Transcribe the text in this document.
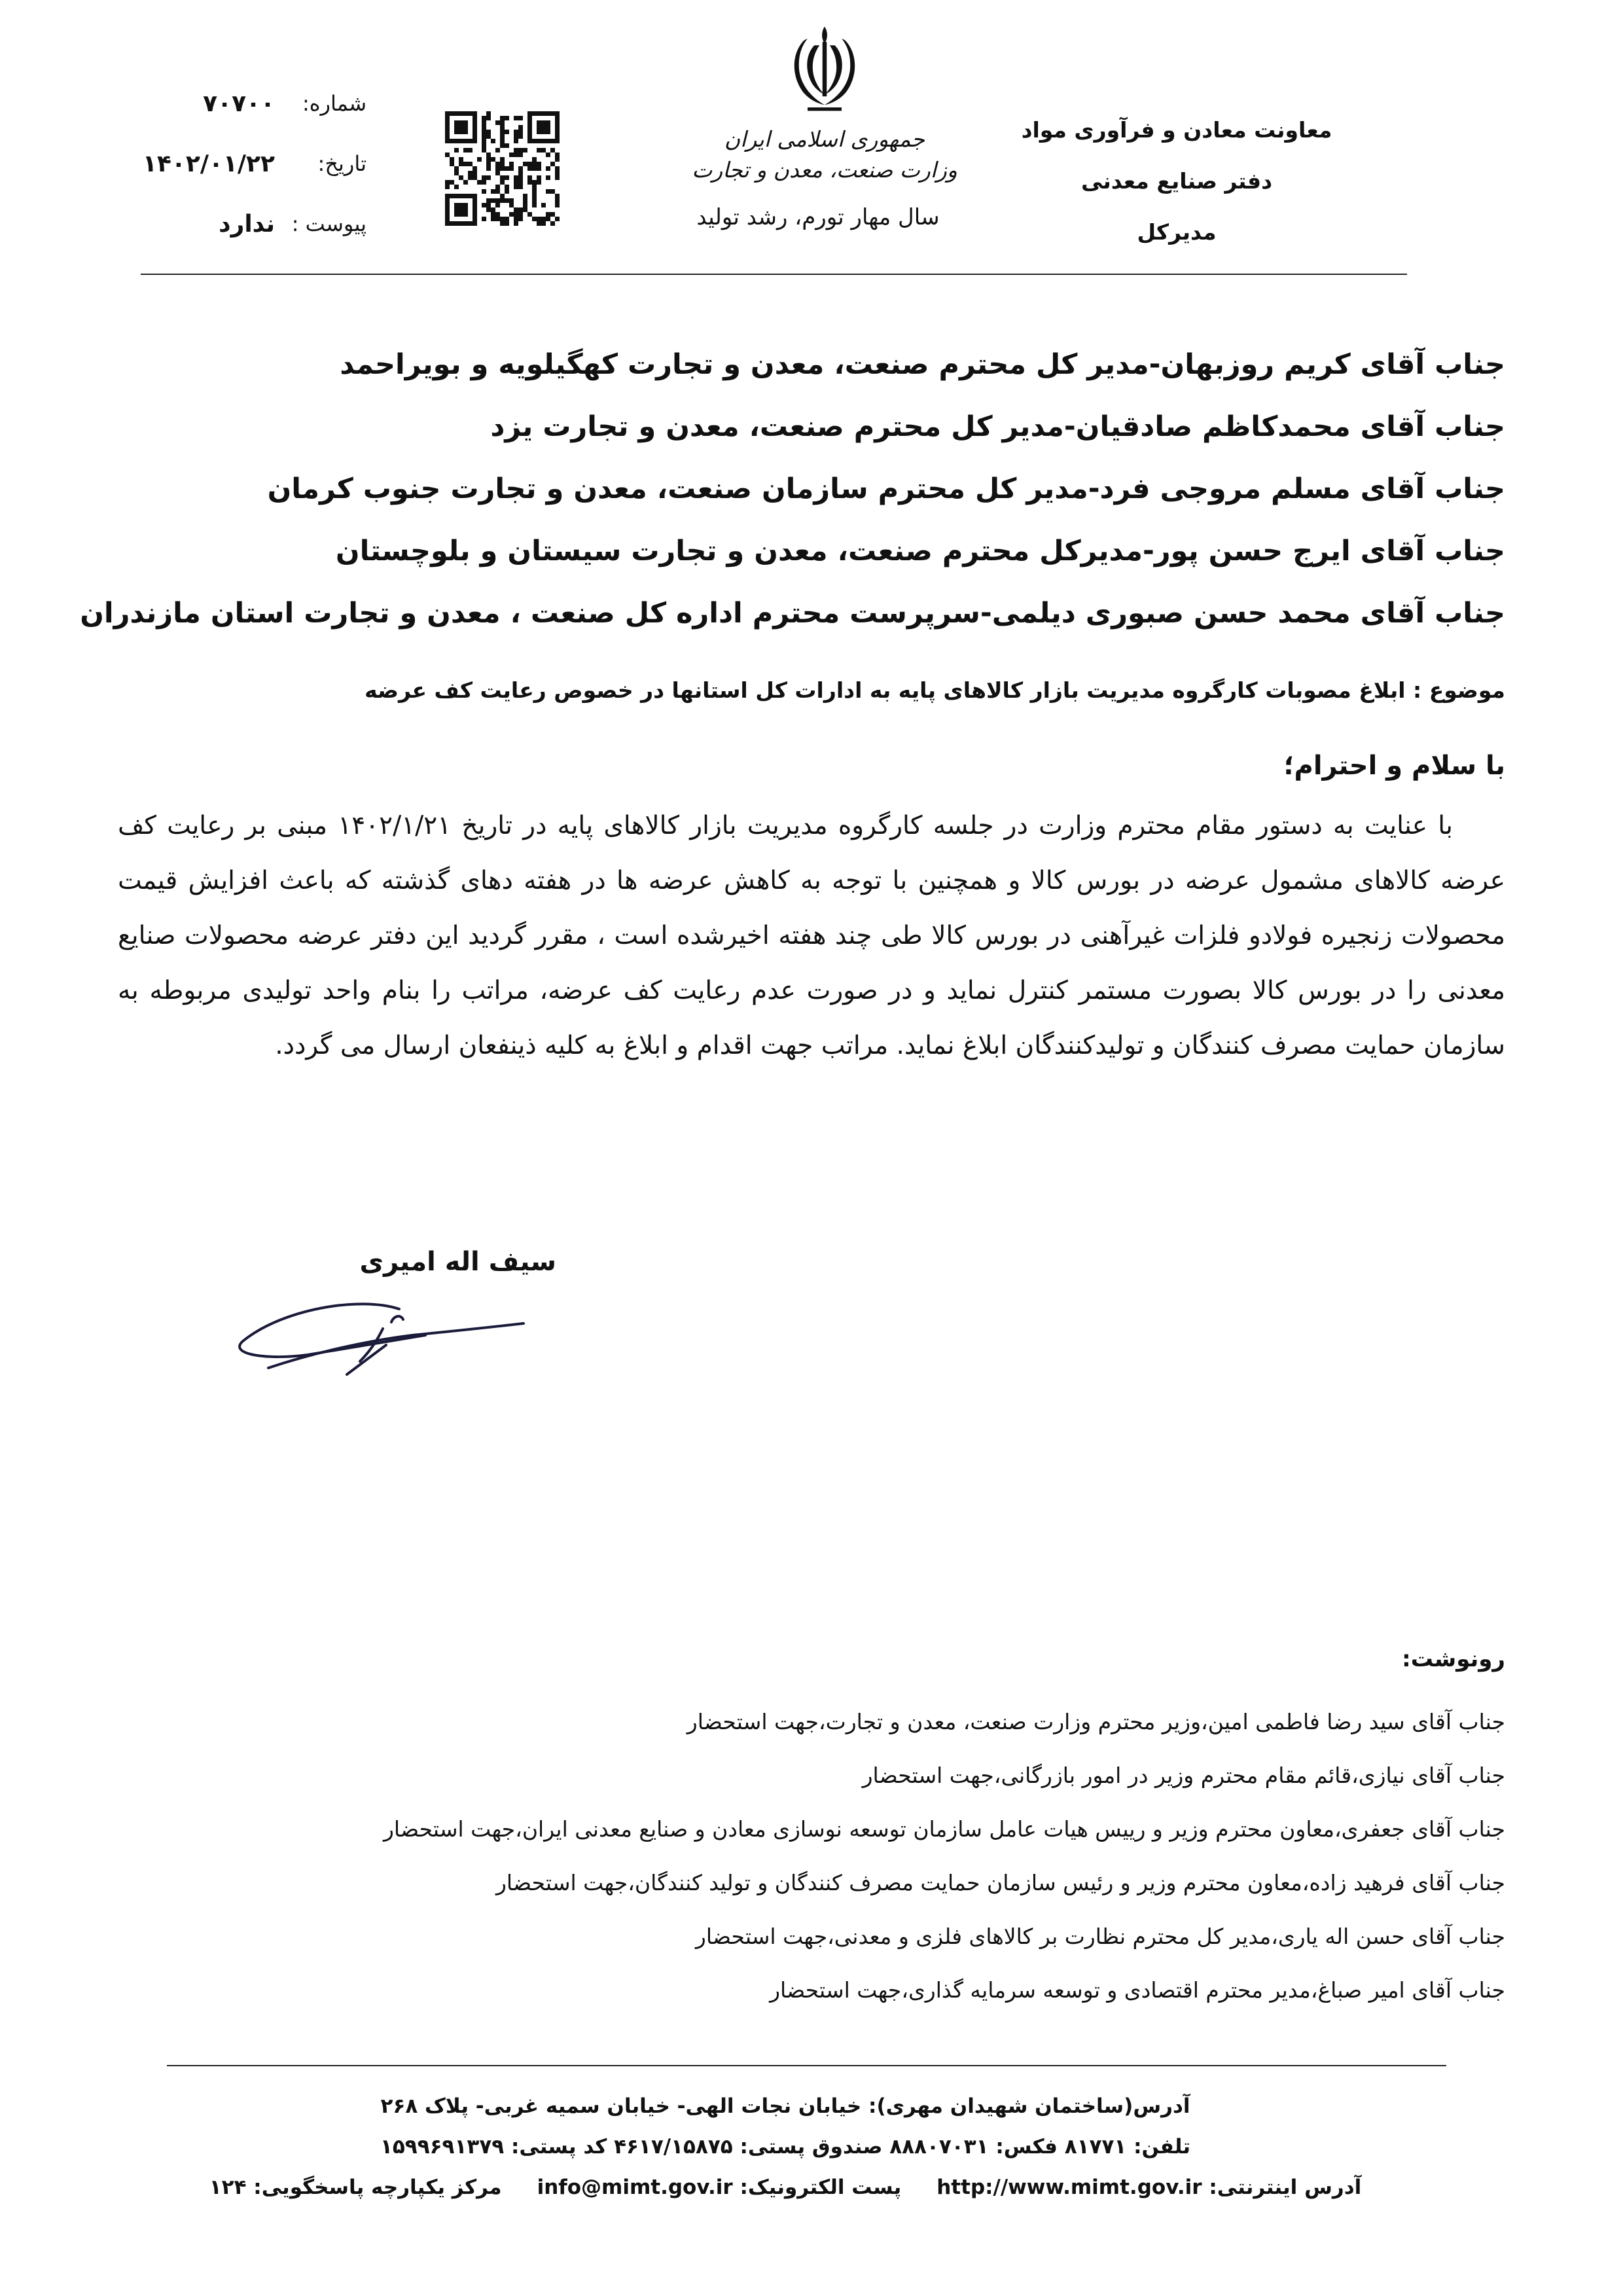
معاونت معادن و فرآوری مواد
دفتر صنایع معدنی
مدیرکل
جمهوری اسلامی ایران
وزارت صنعت، معدن و تجارت
سال مهار تورم، رشد تولید
شماره:
۷۰۷۰۰
تاریخ:
۱۴۰۲/۰۱/۲۲
پیوست :
ندارد
جناب آقای کریم روزبهان-مدیر کل محترم صنعت، معدن و تجارت کهگیلویه و بویراحمد
جناب آقای محمدکاظم صادقیان-مدیر کل محترم صنعت، معدن و تجارت یزد
جناب آقای مسلم مروجی فرد-مدیر کل محترم سازمان صنعت، معدن و تجارت جنوب کرمان
جناب آقای ایرج حسن پور-مدیرکل محترم صنعت، معدن و تجارت سیستان و بلوچستان
جناب آقای محمد حسن صبوری دیلمی-سرپرست محترم اداره کل صنعت ، معدن و تجارت استان مازندران
موضوع : ابلاغ مصوبات کارگروه مدیریت بازار کالاهای پایه به ادارات کل استانها در خصوص رعایت کف عرضه
با سلام و احترام؛
با عنایت به دستور مقام محترم وزارت در جلسه کارگروه مدیریت بازار کالاهای پایه در تاریخ ۱۴۰۲/۱/۲۱ مبنی بر رعایت کف عرضه کالاهای مشمول عرضه در بورس کالا و همچنین با توجه به کاهش عرضه ها در هفته دهای گذشته که باعث افزایش قیمت محصولات زنجیره فولادو فلزات غیرآهنی در بورس کالا طی چند هفته اخیرشده است ، مقرر گردید این دفتر عرضه محصولات صنایع معدنی را در بورس کالا بصورت مستمر کنترل نماید و در صورت عدم رعایت کف عرضه، مراتب را بنام واحد تولیدی مربوطه به سازمان حمایت مصرف کنندگان و تولیدکنندگان ابلاغ نماید. مراتب جهت اقدام و ابلاغ به کلیه ذینفعان ارسال می گردد.
سیف اله امیری
رونوشت:
جناب آقای سید رضا فاطمی امین،وزیر محترم وزارت صنعت، معدن و تجارت،جهت استحضار
جناب آقای نیازی،قائم مقام محترم وزیر در امور بازرگانی،جهت استحضار
جناب آقای جعفری،معاون محترم وزیر و رییس هیات عامل سازمان توسعه نوسازی معادن و صنایع معدنی ایران،جهت استحضار
جناب آقای فرهید زاده،معاون محترم وزیر و رئیس سازمان حمایت مصرف کنندگان و تولید کنندگان،جهت استحضار
جناب آقای حسن اله یاری،مدیر کل محترم نظارت بر کالاهای فلزی و معدنی،جهت استحضار
جناب آقای امیر صباغ،مدیر محترم اقتصادی و توسعه سرمایه گذاری،جهت استحضار
آدرس(ساختمان شهیدان مهری): خیابان نجات الهی- خیابان سمیه غربی- پلاک ۲۶۸
تلفن: ۸۱۷۷۱ فکس: ۸۸۸۰۷۰۳۱ صندوق پستی: ۴۶۱۷/۱۵۸۷۵ کد پستی: ۱۵۹۹۶۹۱۳۷۹
آدرس اینترنتی: http://www.mimt.gov.ir     پست الکترونیک: info@mimt.gov.ir     مرکز یکپارچه پاسخگویی: ۱۲۴
